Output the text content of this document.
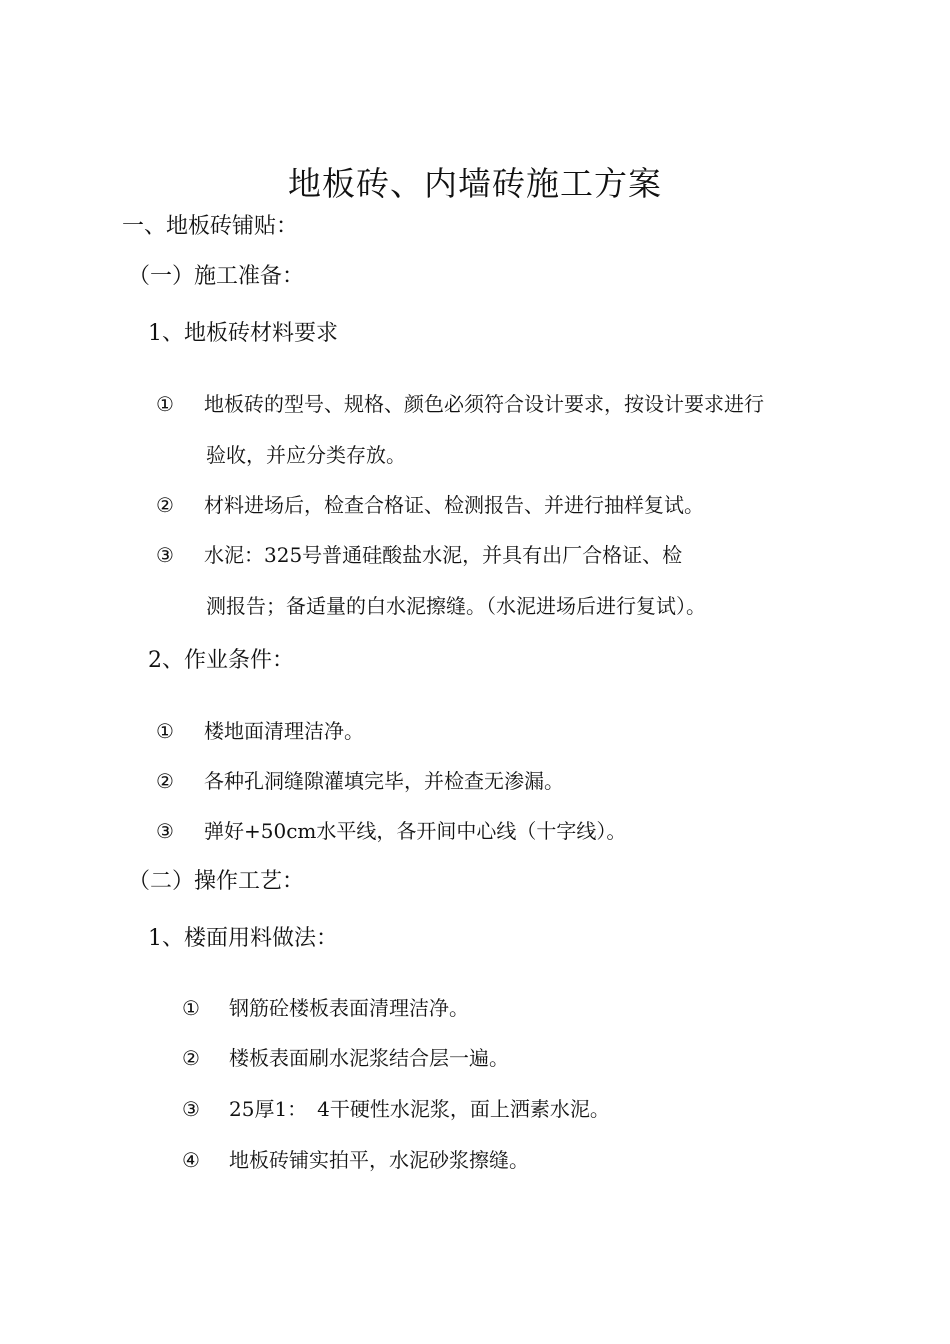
地板砖、内墙砖施工方案
一、地板砖铺贴：
（一）施工准备：
1、地板砖材料要求
①	地板砖的型号、规格、颜色必须符合设计要求，按设计要求进行
验收，并应分类存放。
②	材料进场后，检查合格证、检测报告、并进行抽样复试。
③	水泥：325号普通硅酸盐水泥，并具有出厂合格证、检
测报告；备适量的白水泥擦缝。（水泥进场后进行复试）。
2、作业条件：
①	楼地面清理洁净。
②	各种孔洞缝隙灌填完毕，并检查无渗漏。
③	弹好+50cm水平线，各开间中心线（十字线）。
（二）操作工艺：
1、楼面用料做法：
①	钢筋砼楼板表面清理洁净。
②	楼板表面刷水泥浆结合层一遍。
③	25厚1：　4干硬性水泥浆，面上洒素水泥。
④	地板砖铺实拍平，水泥砂浆擦缝。
